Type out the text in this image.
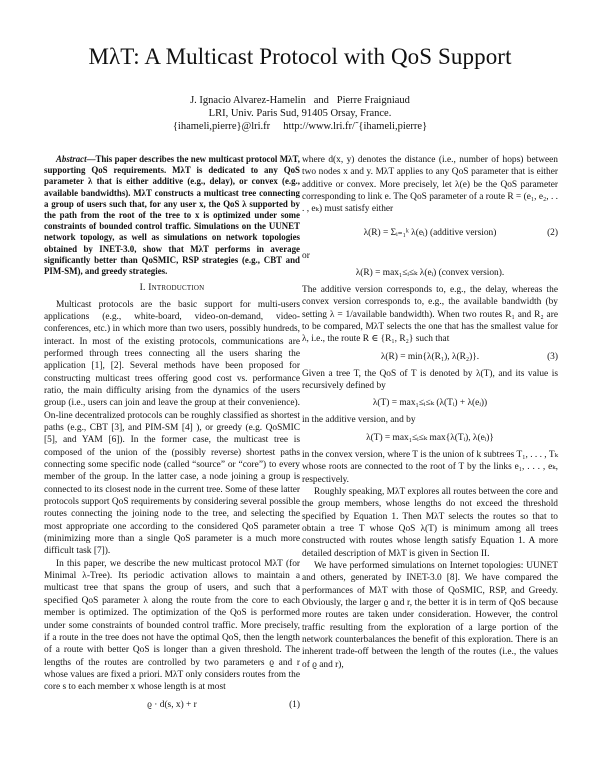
MλT: A Multicast Protocol with QoS Support
J. Ignacio Alvarez-Hamelin   and   Pierre Fraigniaud
LRI, Univ. Paris Sud, 91405 Orsay, France.
{ihameli,pierre}@lri.fr     http://www.lri.fr/˜{ihameli,pierre}

Abstract—This paper describes the new multicast protocol MλT, supporting QoS requirements. MλT is dedicated to any QoS parameter λ that is either additive (e.g., delay), or convex (e.g., available bandwidths). MλT constructs a multicast tree connecting a group of users such that, for any user x, the QoS λ supported by the path from the root of the tree to x is optimized under some constraints of bounded control traffic. Simulations on the UUNET network topology, as well as simulations on network topologies obtained by INET-3.0, show that MλT performs in average significantly better than QoSMIC, RSP strategies (e.g., CBT and PIM-SM), and greedy strategies.

I. Introduction

Multicast protocols are the basic support for multi-users applications (e.g., white-board, video-on-demand, video-conferences, etc.) in which more than two users, possibly hundreds, interact. In most of the existing protocols, communications are performed through trees connecting all the users sharing the application [1], [2]. Several methods have been proposed for constructing multicast trees offering good cost vs. performance ratio, the main difficulty arising from the dynamics of the users group (i.e., users can join and leave the group at their convenience). On-line decentralized protocols can be roughly classified as shortest paths (e.g., CBT [3], and PIM-SM [4] ), or greedy (e.g. QoSMIC [5], and YAM [6]). In the former case, the multicast tree is composed of the union of the (possibly reverse) shortest paths connecting some specific node (called “source” or “core”) to every member of the group. In the latter case, a node joining a group is connected to its closest node in the current tree. Some of these latter protocols support QoS requirements by considering several possible routes connecting the joining node to the tree, and selecting the most appropriate one according to the considered QoS parameter (minimizing more than a single QoS parameter is a much more difficult task [7]).

In this paper, we describe the new multicast protocol MλT (for Minimal λ-Tree). Its periodic activation allows to maintain a multicast tree that spans the group of users, and such that a specified QoS parameter λ along the route from the core to each member is optimized. The optimization of the QoS is performed under some constraints of bounded control traffic. More precisely, if a route in the tree does not have the optimal QoS, then the length of a route with better QoS is longer than a given threshold. The lengths of the routes are controlled by two parameters ϱ and r whose values are fixed a priori. MλT only considers routes from the core s to each member x whose length is at most

ϱ · d(s, x) + r	(1)

where d(x, y) denotes the distance (i.e., number of hops) between two nodes x and y. MλT applies to any QoS parameter that is either additive or convex. More precisely, let λ(e) be the QoS parameter corresponding to link e. The QoS parameter of a route R = (e₁, e₂, . . . , eₖ) must satisfy either

λ(R) = Σᵢ₌₁ᵏ λ(eᵢ) (additive version)	(2)

or

λ(R) = max₁≤ᵢ≤ₖ λ(eᵢ) (convex version).

The additive version corresponds to, e.g., the delay, whereas the convex version corresponds to, e.g., the available bandwidth (by setting λ = 1/available bandwidth). When two routes R₁ and R₂ are to be compared, MλT selects the one that has the smallest value for λ, i.e., the route R ∈ {R₁, R₂} such that

λ(R) = min{λ(R₁), λ(R₂)}.	(3)

Given a tree T, the QoS of T is denoted by λ(T), and its value is recursively defined by

λ(T) = max₁≤ᵢ≤ₖ (λ(Tᵢ) + λ(eᵢ))

in the additive version, and by

λ(T) = max₁≤ᵢ≤ₖ max{λ(Tᵢ), λ(eᵢ)}

in the convex version, where T is the union of k subtrees T₁, . . . , Tₖ whose roots are connected to the root of T by the links e₁, . . . , eₖ, respectively.

Roughly speaking, MλT explores all routes between the core and the group members, whose lengths do not exceed the threshold specified by Equation 1. Then MλT selects the routes so that to obtain a tree T whose QoS λ(T) is minimum among all trees constructed with routes whose length satisfy Equation 1. A more detailed description of MλT is given in Section II.

We have performed simulations on Internet topologies: UUNET and others, generated by INET-3.0 [8]. We have compared the performances of MλT with those of QoSMIC, RSP, and Greedy. Obviously, the larger ϱ and r, the better it is in term of QoS because more routes are taken under consideration. However, the control traffic resulting from the exploration of a large portion of the network counterbalances the benefit of this exploration. There is an inherent trade-off between the length of the routes (i.e., the values of ϱ and r),
